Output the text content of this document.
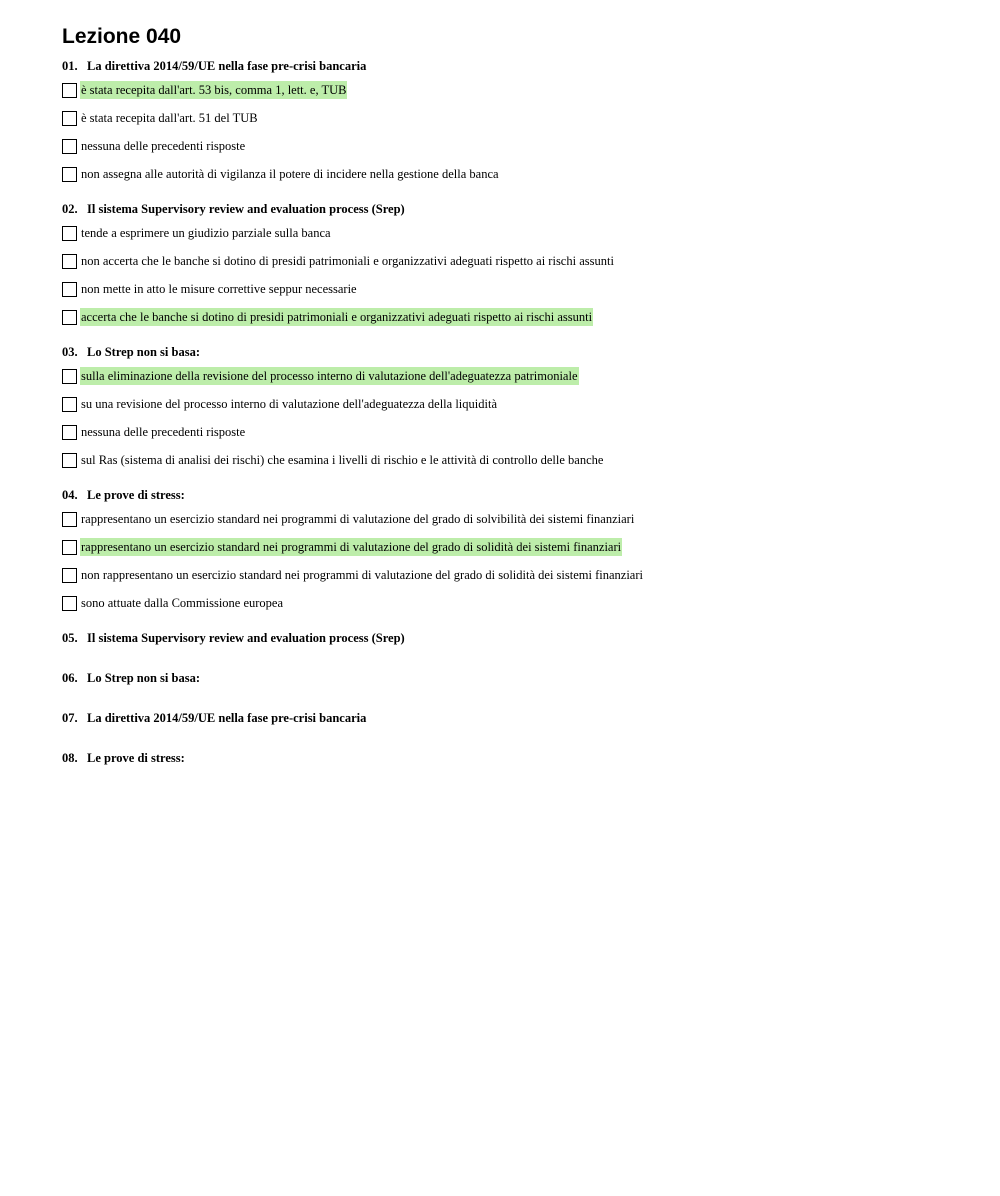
Lezione 040
01. La direttiva 2014/59/UE nella fase pre-crisi bancaria
è stata recepita dall'art. 53 bis, comma 1, lett. e, TUB
è stata recepita dall'art. 51 del TUB
nessuna delle precedenti risposte
non assegna alle autorità di vigilanza il potere di incidere nella gestione della banca
02. Il sistema Supervisory review and evaluation process (Srep)
tende a esprimere un giudizio parziale sulla banca
non accerta che le banche si dotino di presidi patrimoniali e organizzativi adeguati rispetto ai rischi assunti
non mette in atto le misure correttive seppur necessarie
accerta che le banche si dotino di presidi patrimoniali e organizzativi adeguati rispetto ai rischi assunti
03. Lo Strep non si basa:
sulla eliminazione della revisione del processo interno di valutazione dell'adeguatezza patrimoniale
su una revisione del processo interno di valutazione dell'adeguatezza della liquidità
nessuna delle precedenti risposte
sul Ras (sistema di analisi dei rischi) che esamina i livelli di rischio e le attività di controllo delle banche
04. Le prove di stress:
rappresentano un esercizio standard nei programmi di valutazione del grado di solvibilità dei sistemi finanziari
rappresentano un esercizio standard nei programmi di valutazione del grado di solidità dei sistemi finanziari
non rappresentano un esercizio standard nei programmi di valutazione del grado di solidità dei sistemi finanziari
sono attuate dalla Commissione europea
05. Il sistema Supervisory review and evaluation process (Srep)
06. Lo Strep non si basa:
07. La direttiva 2014/59/UE nella fase pre-crisi bancaria
08. Le prove di stress:
